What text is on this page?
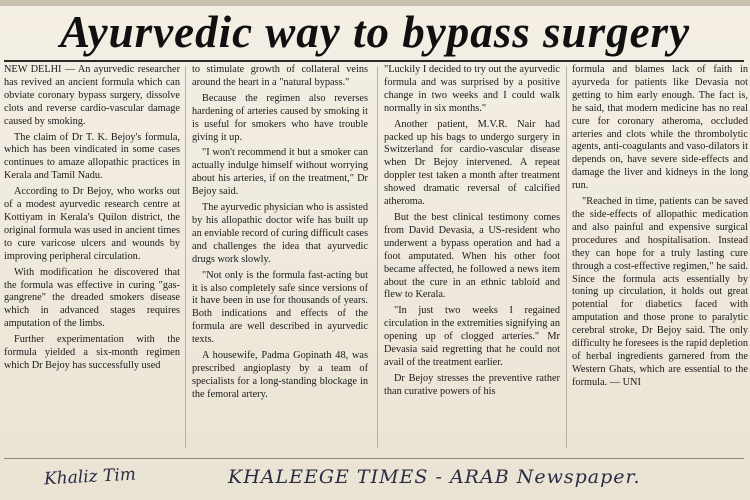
Ayurvedic way to bypass surgery

NEW DELHI — An ayurvedic researcher has revived an ancient formula which can obviate coronary bypass surgery, dissolve clots and reverse cardio-vascular damage caused by smoking.

The claim of Dr T. K. Bejoy's formula, which has been vindicated in some cases continues to amaze allopathic practices in Kerala and Tamil Nadu.

According to Dr Bejoy, who works out of a modest ayurvedic research centre at Kottiyam in Kerala's Quilon district, the original formula was used in ancient times to cure varicose ulcers and wounds by improving peripheral circulation.

With modification he discovered that the formula was effective in curing "gas-gangrene" the dreaded smokers disease which in advanced stages requires amputation of the limbs.

Further experimentation with the formula yielded a six-month regimen which Dr Bejoy has successfully used

to stimulate growth of collateral veins around the heart in a "natural bypass."

Because the regimen also reverses hardening of arteries caused by smoking it is useful for smokers who have trouble giving it up.

"I won't recommend it but a smoker can actually indulge himself without worrying about his arteries, if on the treatment," Dr Bejoy said.

The ayurvedic physician who is assisted by his allopathic doctor wife has built up an enviable record of curing difficult cases and challenges the idea that ayurvedic drugs work slowly.

"Not only is the formula fast-acting but it is also completely safe since versions of it have been in use for thousands of years. Both indications and effects of the formula are well described in ayurvedic texts.

A housewife, Padma Gopinath 48, was prescribed angioplasty by a team of specialists for a long-standing blockage in the femoral artery.

"Luckily I decided to try out the ayurvedic formula and was surprised by a positive change in two weeks and I could walk normally in six months."

Another patient, M.V.R. Nair had packed up his bags to undergo surgery in Switzerland for cardio-vascular disease when Dr Bejoy intervened. A repeat doppler test taken a month after treatment showed dramatic reversal of calcified atheroma.

But the best clinical testimony comes from David Devasia, a US-resident who underwent a bypass operation and had a foot amputated. When his other foot became affected, he followed a news item about the cure in an ethnic tabloid and flew to Kerala.

"In just two weeks I regained circulation in the extremities signifying an opening up of clogged arteries." Mr Devasia said regretting that he could not avail of the treatment earlier.

Dr Bejoy stresses the preventive rather than curative powers of his

formula and blames lack of faith in ayurveda for patients like Devasia not getting to him early enough. The fact is, he said, that modern medicine has no real cure for coronary atheroma, occluded arteries and clots while the thrombolytic agents, anti-coagulants and vaso-dilators it depends on, have severe side-effects and damage the liver and kidneys in the long run.

"Reached in time, patients can be saved the side-effects of allopathic medication and also painful and expensive surgical procedures and hospitalisation. Instead they can hope for a truly lasting cure through a cost-effective regimen," he said. Since the formula acts essentially by toning up circulation, it holds out great potential for diabetics faced with amputation and those prone to paralytic cerebral stroke, Dr Bejoy said. The only difficulty he foresees is the rapid depletion of herbal ingredients garnered from the Western Ghats, which are essential to the formula. — UNI

Khaliz Tim	KHALEEGE TIMES - ARAB Newspaper.
